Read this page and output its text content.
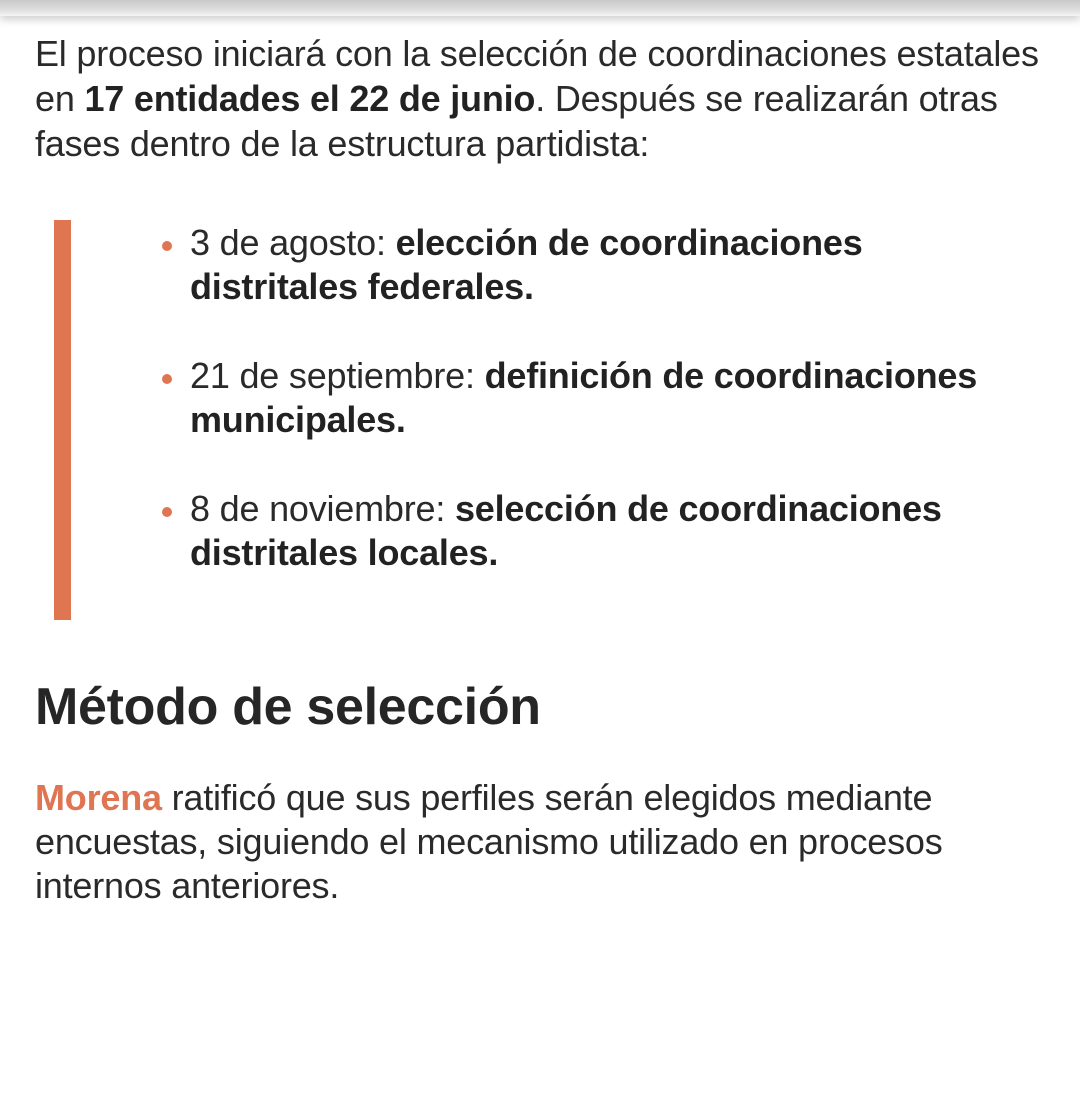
El proceso iniciará con la selección de coordinaciones estatales en 17 entidades el 22 de junio. Después se realizarán otras fases dentro de la estructura partidista:

3 de agosto: elección de coordinaciones distritales federales.
21 de septiembre: definición de coordinaciones municipales.
8 de noviembre: selección de coordinaciones distritales locales.
Método de selección

Morena ratificó que sus perfiles serán elegidos mediante encuestas, siguiendo el mecanismo utilizado en procesos internos anteriores.
